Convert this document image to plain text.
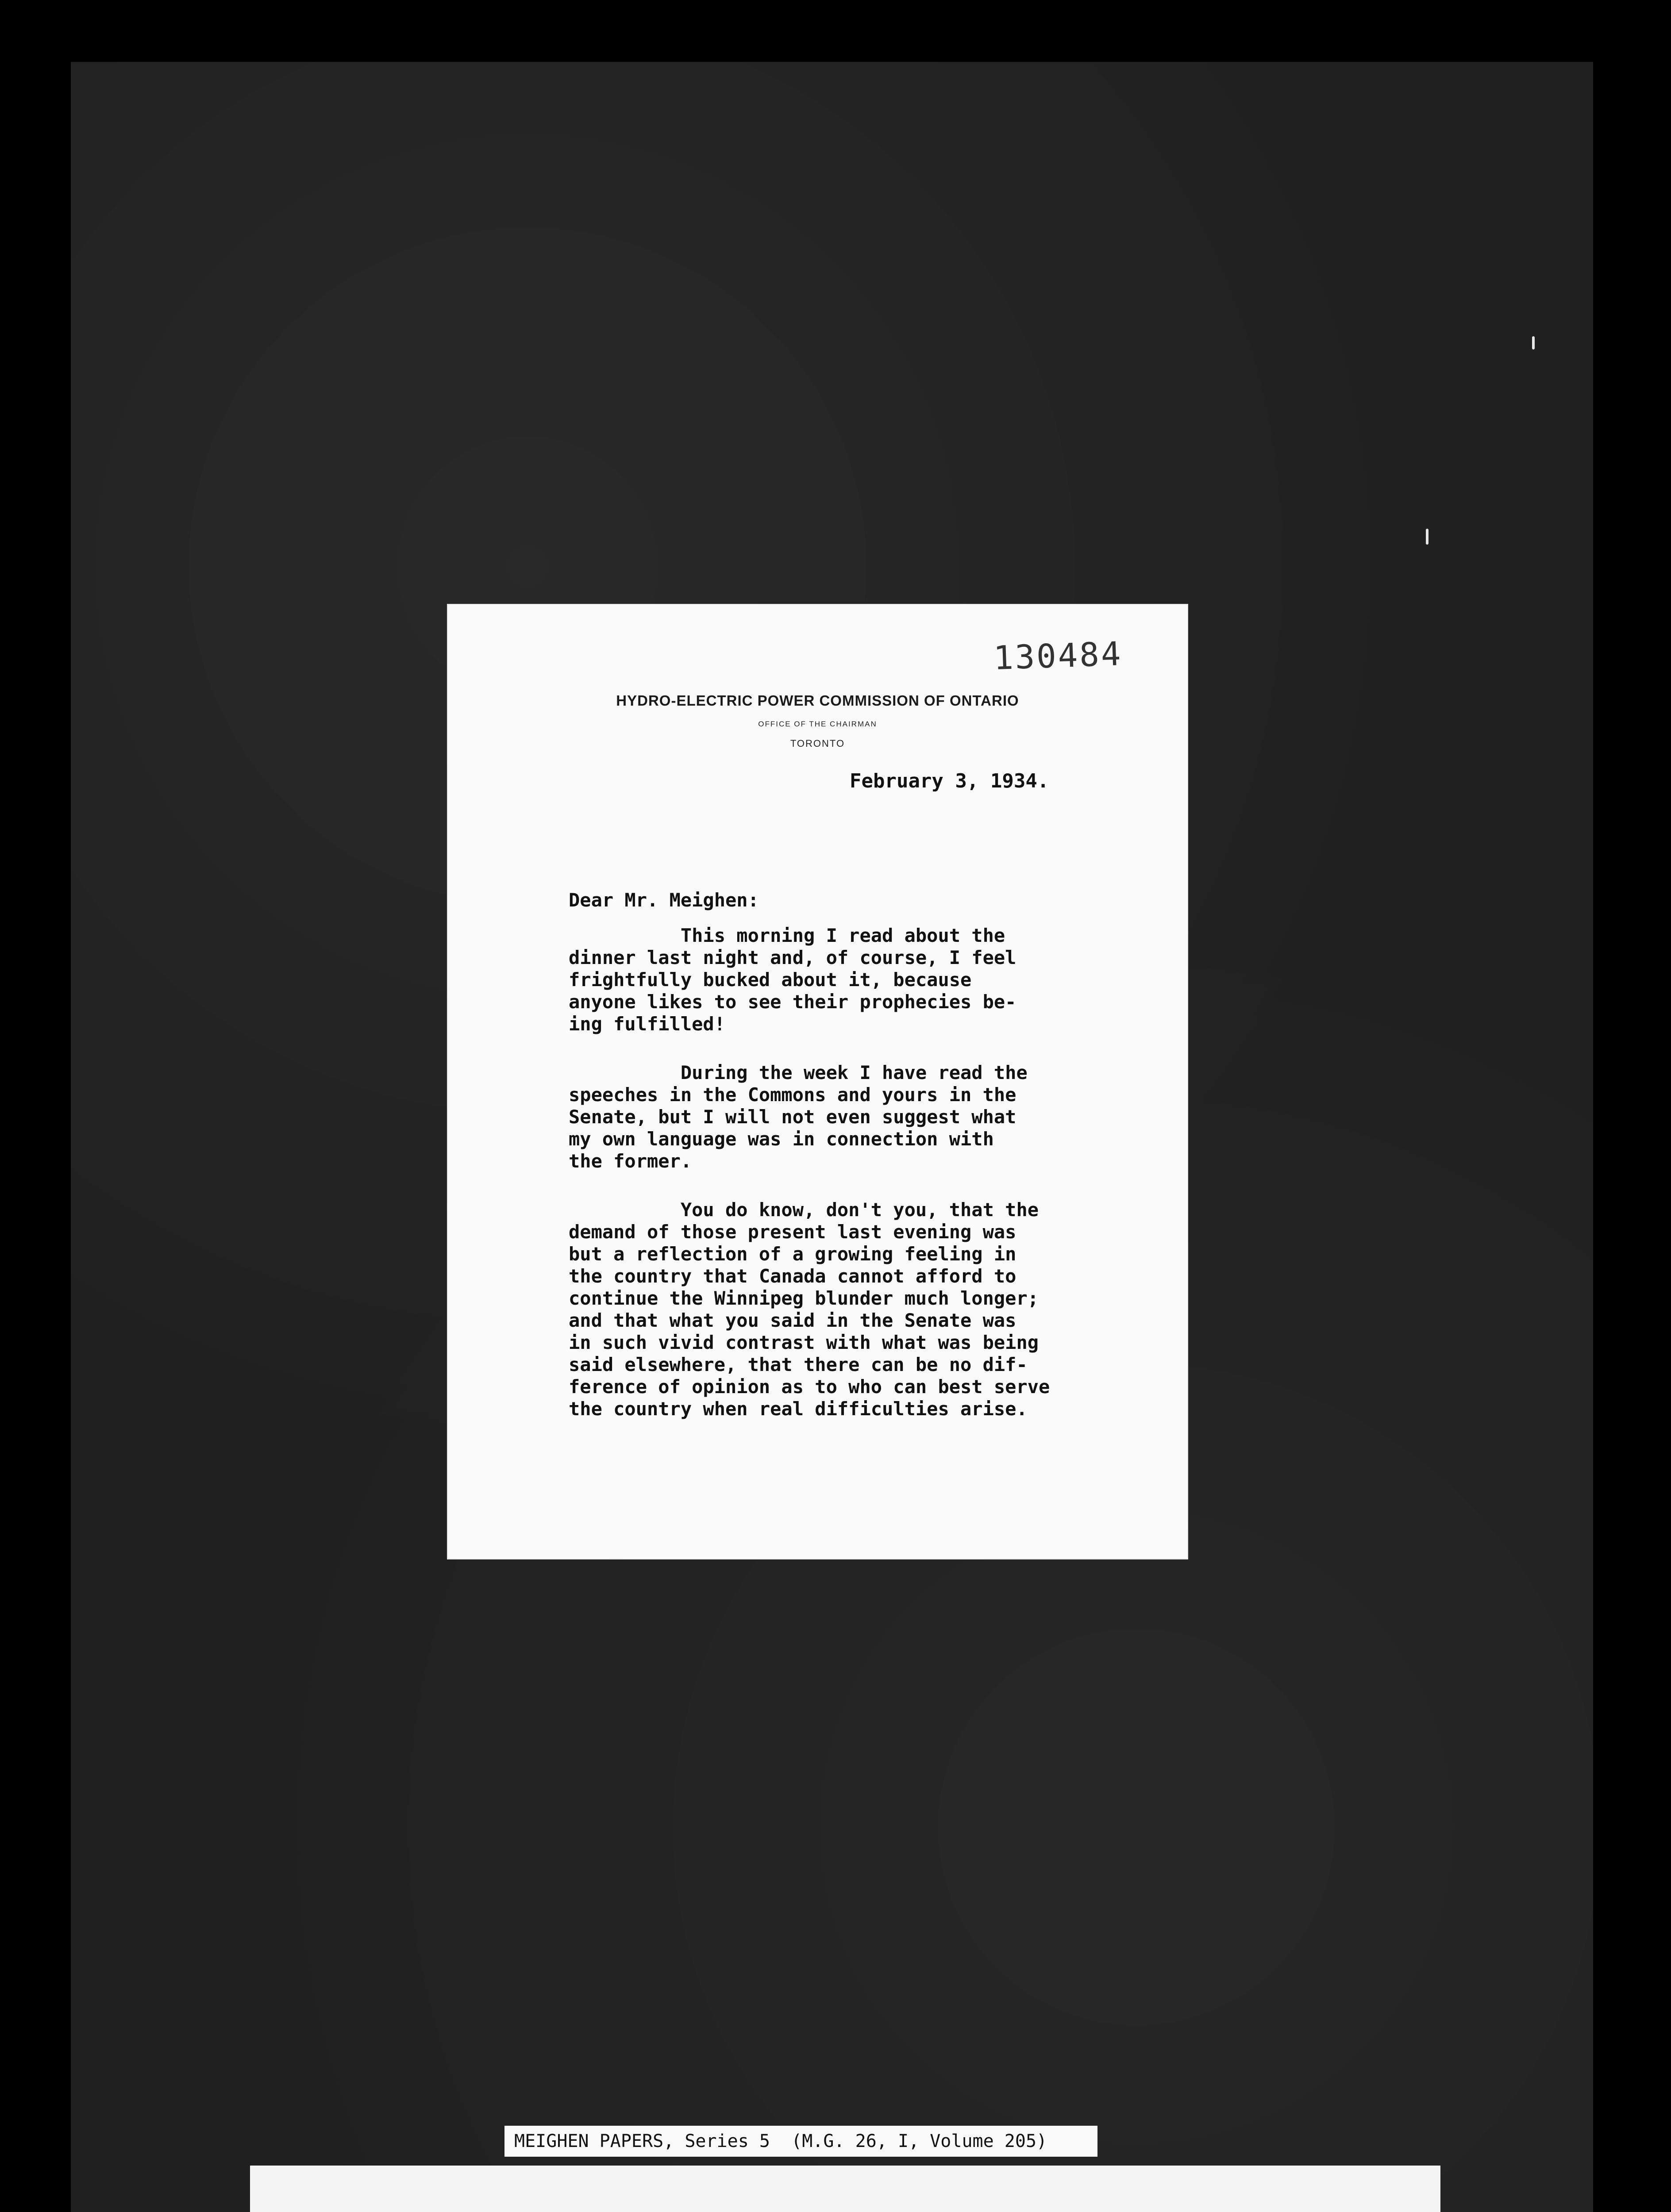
130484
HYDRO-ELECTRIC POWER COMMISSION OF ONTARIO
OFFICE OF THE CHAIRMAN
TORONTO
February 3, 1934.
Dear Mr. Meighen:

This morning I read about the
dinner last night and, of course, I feel
frightfully bucked about it, because
anyone likes to see their prophecies be-
ing fulfilled!

During the week I have read the
speeches in the Commons and yours in the
Senate, but I will not even suggest what
my own language was in connection with
the former.

You do know, don't you, that the
demand of those present last evening was
but a reflection of a growing feeling in
the country that Canada cannot afford to
continue the Winnipeg blunder much longer;
and that what you said in the Senate was
in such vivid contrast with what was being
said elsewhere, that there can be no dif-
ference of opinion as to who can best serve
the country when real difficulties arise.

MEIGHEN PAPERS, Series 5  (M.G. 26, I, Volume 205)
